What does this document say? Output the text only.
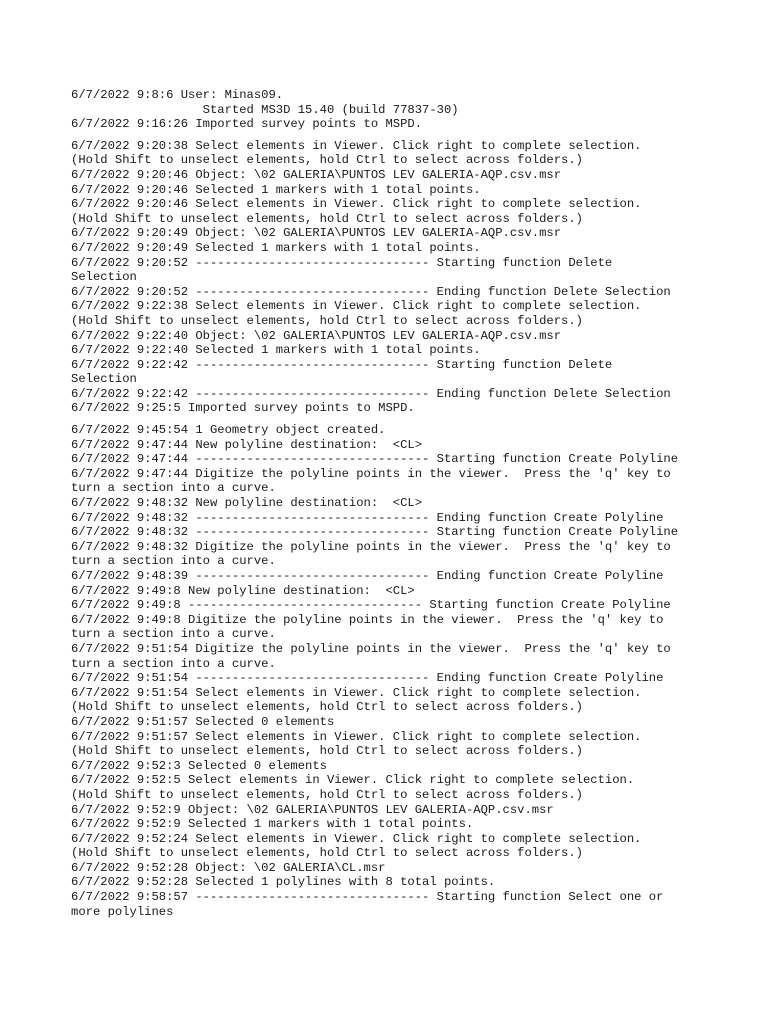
6/7/2022 9:8:6 User: Minas09.
Started MS3D 15.40 (build 77837-30)
6/7/2022 9:16:26 Imported survey points to MSPD.
6/7/2022 9:20:38 Select elements in Viewer. Click right to complete selection.
(Hold Shift to unselect elements, hold Ctrl to select across folders.)
6/7/2022 9:20:46 Object: \02 GALERIA\PUNTOS LEV GALERIA-AQP.csv.msr
6/7/2022 9:20:46 Selected 1 markers with 1 total points.
6/7/2022 9:20:46 Select elements in Viewer. Click right to complete selection.
(Hold Shift to unselect elements, hold Ctrl to select across folders.)
6/7/2022 9:20:49 Object: \02 GALERIA\PUNTOS LEV GALERIA-AQP.csv.msr
6/7/2022 9:20:49 Selected 1 markers with 1 total points.
6/7/2022 9:20:52 -------------------------------- Starting function Delete
Selection
6/7/2022 9:20:52 -------------------------------- Ending function Delete Selection
6/7/2022 9:22:38 Select elements in Viewer. Click right to complete selection.
(Hold Shift to unselect elements, hold Ctrl to select across folders.)
6/7/2022 9:22:40 Object: \02 GALERIA\PUNTOS LEV GALERIA-AQP.csv.msr
6/7/2022 9:22:40 Selected 1 markers with 1 total points.
6/7/2022 9:22:42 -------------------------------- Starting function Delete
Selection
6/7/2022 9:22:42 -------------------------------- Ending function Delete Selection
6/7/2022 9:25:5 Imported survey points to MSPD.
6/7/2022 9:45:54 1 Geometry object created.
6/7/2022 9:47:44 New polyline destination:  <CL>
6/7/2022 9:47:44 -------------------------------- Starting function Create Polyline
6/7/2022 9:47:44 Digitize the polyline points in the viewer.  Press the 'q' key to
turn a section into a curve.
6/7/2022 9:48:32 New polyline destination:  <CL>
6/7/2022 9:48:32 -------------------------------- Ending function Create Polyline
6/7/2022 9:48:32 -------------------------------- Starting function Create Polyline
6/7/2022 9:48:32 Digitize the polyline points in the viewer.  Press the 'q' key to
turn a section into a curve.
6/7/2022 9:48:39 -------------------------------- Ending function Create Polyline
6/7/2022 9:49:8 New polyline destination:  <CL>
6/7/2022 9:49:8 -------------------------------- Starting function Create Polyline
6/7/2022 9:49:8 Digitize the polyline points in the viewer.  Press the 'q' key to
turn a section into a curve.
6/7/2022 9:51:54 Digitize the polyline points in the viewer.  Press the 'q' key to
turn a section into a curve.
6/7/2022 9:51:54 -------------------------------- Ending function Create Polyline
6/7/2022 9:51:54 Select elements in Viewer. Click right to complete selection.
(Hold Shift to unselect elements, hold Ctrl to select across folders.)
6/7/2022 9:51:57 Selected 0 elements
6/7/2022 9:51:57 Select elements in Viewer. Click right to complete selection.
(Hold Shift to unselect elements, hold Ctrl to select across folders.)
6/7/2022 9:52:3 Selected 0 elements
6/7/2022 9:52:5 Select elements in Viewer. Click right to complete selection.
(Hold Shift to unselect elements, hold Ctrl to select across folders.)
6/7/2022 9:52:9 Object: \02 GALERIA\PUNTOS LEV GALERIA-AQP.csv.msr
6/7/2022 9:52:9 Selected 1 markers with 1 total points.
6/7/2022 9:52:24 Select elements in Viewer. Click right to complete selection.
(Hold Shift to unselect elements, hold Ctrl to select across folders.)
6/7/2022 9:52:28 Object: \02 GALERIA\CL.msr
6/7/2022 9:52:28 Selected 1 polylines with 8 total points.
6/7/2022 9:58:57 -------------------------------- Starting function Select one or
more polylines
